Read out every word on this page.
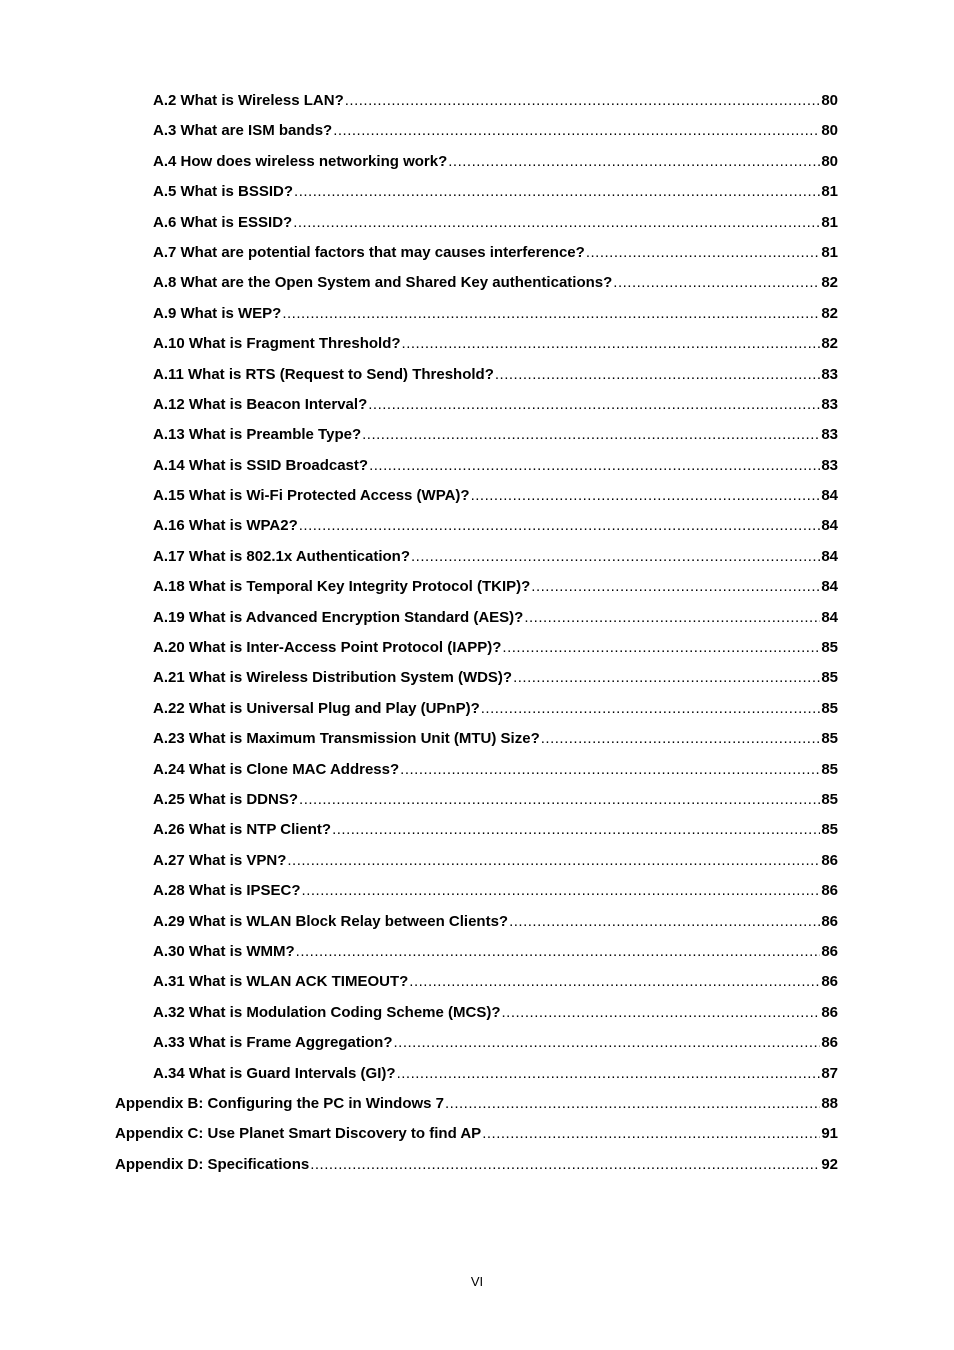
A.2 What is Wireless LAN? .....	80
A.3 What are ISM bands? .....	80
A.4 How does wireless networking work? .....	80
A.5 What is BSSID? .....	81
A.6 What is ESSID? .....	81
A.7 What are potential factors that may causes interference? .....	81
A.8 What are the Open System and Shared Key authentications? .....	82
A.9 What is WEP? .....	82
A.10 What is Fragment Threshold? .....	82
A.11 What is RTS (Request to Send) Threshold? .....	83
A.12 What is Beacon Interval? .....	83
A.13 What is Preamble Type? .....	83
A.14 What is SSID Broadcast? .....	83
A.15 What is Wi-Fi Protected Access (WPA)? .....	84
A.16 What is WPA2? .....	84
A.17 What is 802.1x Authentication? .....	84
A.18 What is Temporal Key Integrity Protocol (TKIP)? .....	84
A.19 What is Advanced Encryption Standard (AES)? .....	84
A.20 What is Inter-Access Point Protocol (IAPP)? .....	85
A.21 What is Wireless Distribution System (WDS)? .....	85
A.22 What is Universal Plug and Play (UPnP)? .....	85
A.23 What is Maximum Transmission Unit (MTU) Size? .....	85
A.24 What is Clone MAC Address? .....	85
A.25 What is DDNS? .....	85
A.26 What is NTP Client? .....	85
A.27 What is VPN? .....	86
A.28 What is IPSEC? .....	86
A.29 What is WLAN Block Relay between Clients? .....	86
A.30 What is WMM? .....	86
A.31 What is WLAN ACK TIMEOUT? .....	86
A.32 What is Modulation Coding Scheme (MCS)? .....	86
A.33 What is Frame Aggregation? .....	86
A.34 What is Guard Intervals (GI)? .....	87
Appendix B: Configuring the PC in Windows 7 .....	88
Appendix C: Use Planet Smart Discovery to find AP .....	91
Appendix D: Specifications .....	92
VI
